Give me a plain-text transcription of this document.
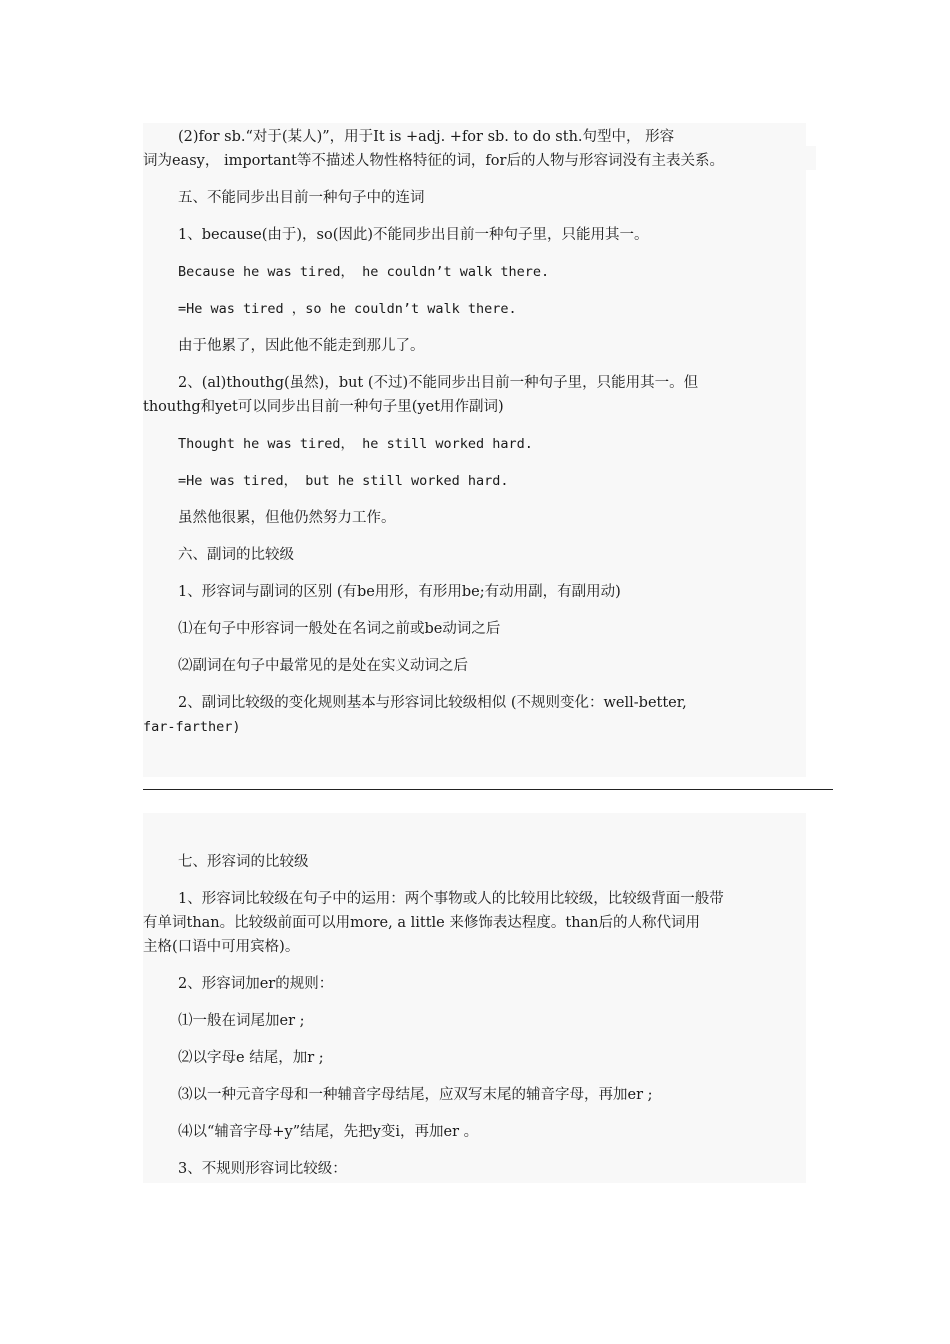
(2)for sb.“对于(某人)”，用于It is +adj. +for sb. to do sth.句型中， 形容
词为easy， important等不描述人物性格特征的词，for后的人物与形容词没有主表关系。
五、不能同步出目前一种句子中的连词
1、because(由于)，so(因此)不能同步出目前一种句子里，只能用其一。
Because he was tired， he couldn’t walk there.
=He was tired ，so he couldn’t walk there.
由于他累了，因此他不能走到那儿了。
2、(al)thouthg(虽然)，but (不过)不能同步出目前一种句子里，只能用其一。但
thouthg和yet可以同步出目前一种句子里(yet用作副词)
Thought he was tired， he still worked hard.
=He was tired， but he still worked hard.
虽然他很累，但他仍然努力工作。
六、副词的比较级
1、形容词与副词的区别 (有be用形，有形用be;有动用副，有副用动)
⑴在句子中形容词一般处在名词之前或be动词之后
⑵副词在句子中最常见的是处在实义动词之后
2、副词比较级的变化规则基本与形容词比较级相似 (不规则变化：well-better,
far-farther)
七、形容词的比较级
1、形容词比较级在句子中的运用：两个事物或人的比较用比较级，比较级背面一般带
有单词than。比较级前面可以用more, a little 来修饰表达程度。than后的人称代词用
主格(口语中可用宾格)。
2、形容词加er的规则：
⑴一般在词尾加er ;
⑵以字母e 结尾，加r ;
⑶以一种元音字母和一种辅音字母结尾，应双写末尾的辅音字母，再加er ;
⑷以“辅音字母+y”结尾，先把y变i，再加er 。
3、不规则形容词比较级：
